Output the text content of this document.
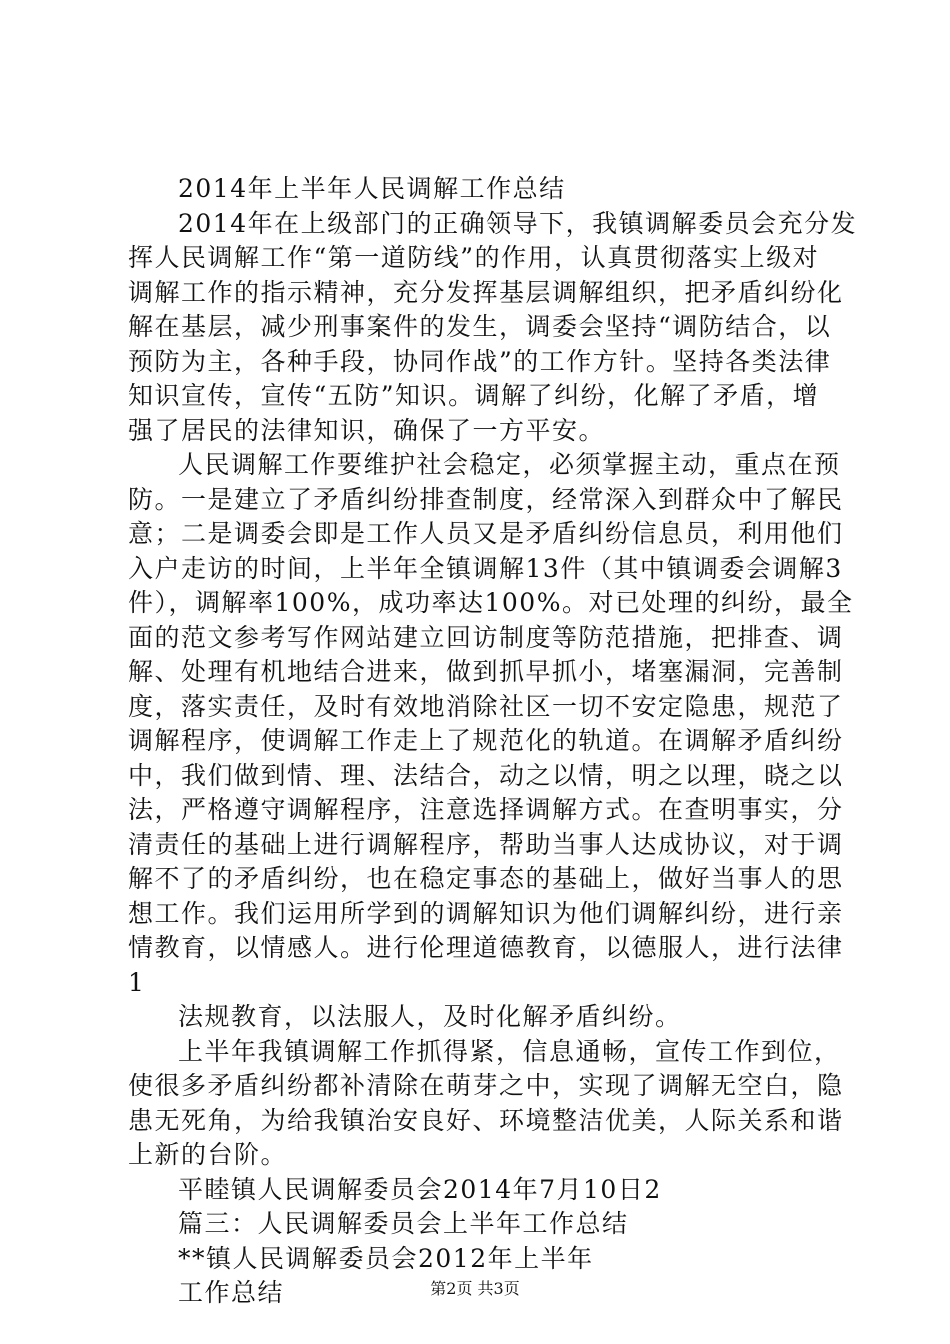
2014年上半年人民调解工作总结
2014年在上级部门的正确领导下，我镇调解委员会充分发
挥人民调解工作“第一道防线”的作用，认真贯彻落实上级对
调解工作的指示精神，充分发挥基层调解组织，把矛盾纠纷化
解在基层，减少刑事案件的发生，调委会坚持“调防结合，以
预防为主，各种手段，协同作战”的工作方针。坚持各类法律
知识宣传，宣传“五防”知识。调解了纠纷，化解了矛盾，增
强了居民的法律知识，确保了一方平安。
人民调解工作要维护社会稳定，必须掌握主动，重点在预
防。一是建立了矛盾纠纷排查制度，经常深入到群众中了解民
意；二是调委会即是工作人员又是矛盾纠纷信息员，利用他们
入户走访的时间，上半年全镇调解13件（其中镇调委会调解3
件），调解率100%，成功率达100%。对已处理的纠纷，最全
面的范文参考写作网站建立回访制度等防范措施，把排查、调
解、处理有机地结合进来，做到抓早抓小，堵塞漏洞，完善制
度，落实责任，及时有效地消除社区一切不安定隐患，规范了
调解程序，使调解工作走上了规范化的轨道。在调解矛盾纠纷
中，我们做到情、理、法结合，动之以情，明之以理，晓之以
法，严格遵守调解程序，注意选择调解方式。在查明事实，分
清责任的基础上进行调解程序，帮助当事人达成协议，对于调
解不了的矛盾纠纷，也在稳定事态的基础上，做好当事人的思
想工作。我们运用所学到的调解知识为他们调解纠纷，进行亲
情教育，以情感人。进行伦理道德教育，以德服人，进行法律
1
法规教育，以法服人，及时化解矛盾纠纷。
上半年我镇调解工作抓得紧，信息通畅，宣传工作到位，
使很多矛盾纠纷都补清除在萌芽之中，实现了调解无空白，隐
患无死角，为给我镇治安良好、环境整洁优美，人际关系和谐
上新的台阶。
平睦镇人民调解委员会2014年7月10日2
篇三：人民调解委员会上半年工作总结
**镇人民调解委员会2012年上半年
工作总结	第2页 共3页
